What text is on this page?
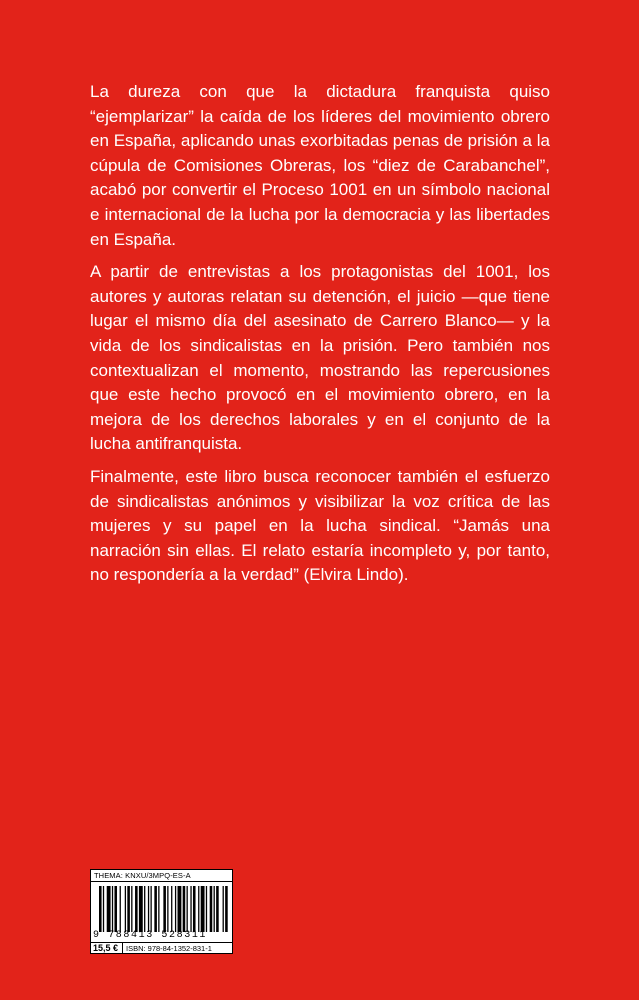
La dureza con que la dictadura franquista quiso “ejemplarizar” la caída de los líderes del movimiento obrero en España, aplicando unas exorbitadas penas de prisión a la cúpula de Comisiones Obreras, los “diez de Carabanchel”, acabó por convertir el Proceso 1001 en un símbolo nacional e internacional de la lucha por la democracia y las libertades en España.

A partir de entrevistas a los protagonistas del 1001, los autores y autoras relatan su detención, el juicio —que tiene lugar el mismo día del asesinato de Carrero Blanco— y la vida de los sindicalistas en la prisión. Pero también nos contextualizan el momento, mostrando las repercusiones que este hecho provocó en el movimiento obrero, en la mejora de los derechos laborales y en el conjunto de la lucha antifranquista.

Finalmente, este libro busca reconocer también el esfuerzo de sindicalistas anónimos y visibilizar la voz crítica de las mujeres y su papel en la lucha sindical. “Jamás una narración sin ellas. El relato estaría incompleto y, por tanto, no respondería a la verdad” (Elvira Lindo).

THEMA: KNXU/3MPQ-ES-A
9 788413 528311
15,5 € ISBN: 978-84-1352-831-1
